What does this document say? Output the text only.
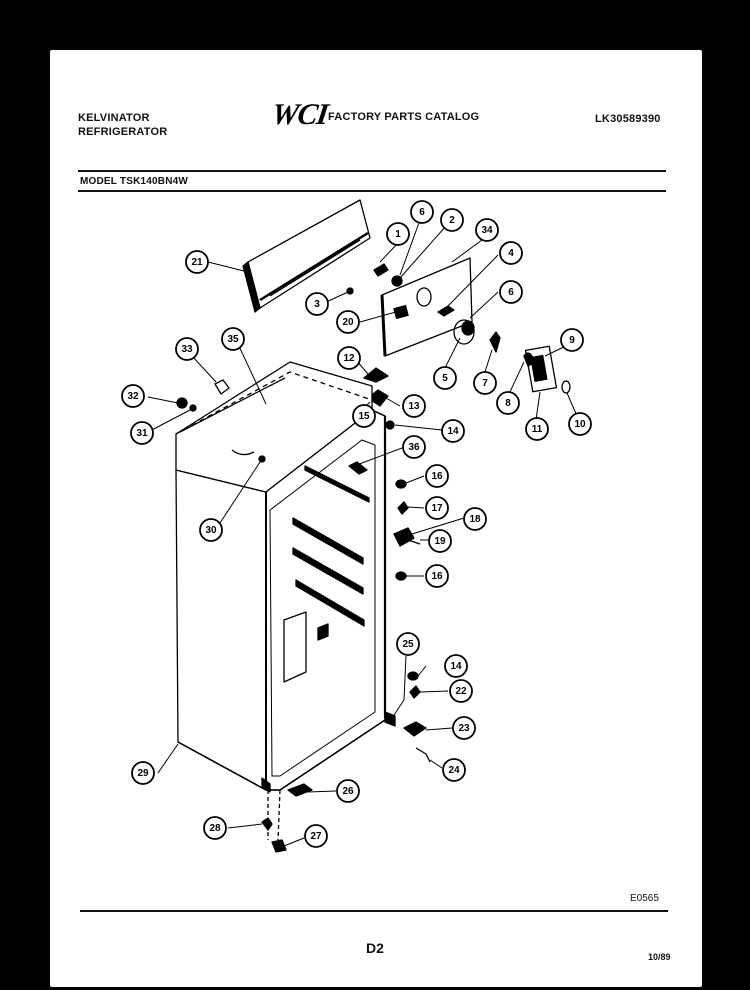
KELVINATOR
REFRIGERATOR
WCI
FACTORY PARTS CATALOG	LK30589390
MODEL TSK140BN4W
E0565
D2
10/89
1
6
2
34
4
21
3
6
20
33
35
12
9
5	7
32
13	8
15
10
31	14	11
36
16
17
30
18
19
16
25
14
22
23
24
29
26
28
27
